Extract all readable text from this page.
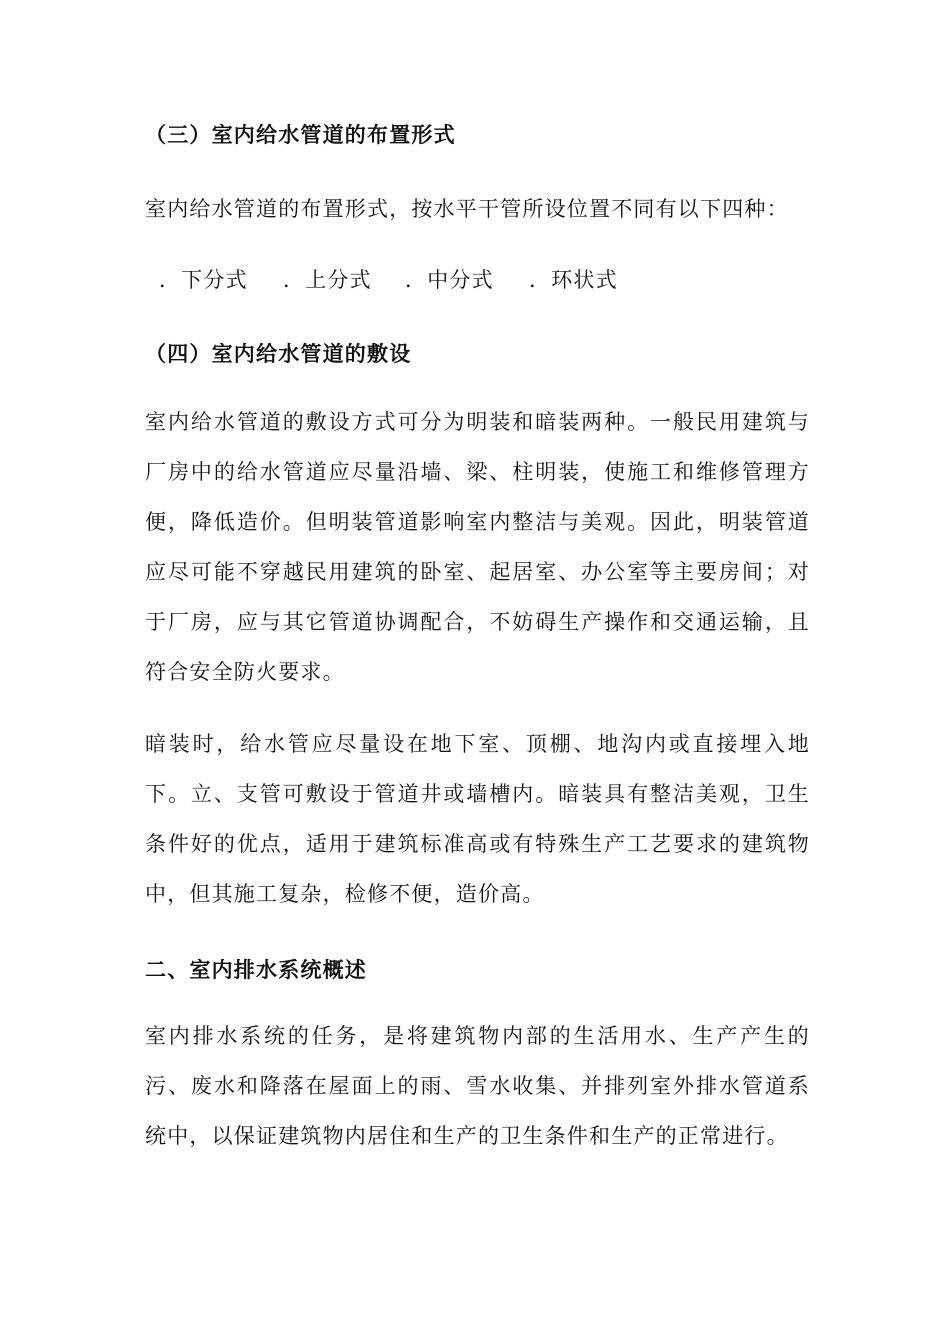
（三）室内给水管道的布置形式

室内给水管道的布置形式，按水平干管所设位置不同有以下四种：

．下分式 ．上分式 ．中分式 ．环状式
（四）室内给水管道的敷设

室内给水管道的敷设方式可分为明装和暗装两种。一般民用建筑与厂房中的给水管道应尽量沿墙、梁、柱明装，使施工和维修管理方便，降低造价。但明装管道影响室内整洁与美观。因此，明装管道应尽可能不穿越民用建筑的卧室、起居室、办公室等主要房间；对于厂房，应与其它管道协调配合，不妨碍生产操作和交通运输，且符合安全防火要求。

暗装时，给水管应尽量设在地下室、顶棚、地沟内或直接埋入地下。立、支管可敷设于管道井或墙槽内。暗装具有整洁美观，卫生条件好的优点，适用于建筑标准高或有特殊生产工艺要求的建筑物中，但其施工复杂，检修不便，造价高。

二、室内排水系统概述

室内排水系统的任务，是将建筑物内部的生活用水、生产产生的污、废水和降落在屋面上的雨、雪水收集、并排列室外排水管道系统中，以保证建筑物内居住和生产的卫生条件和生产的正常进行。
